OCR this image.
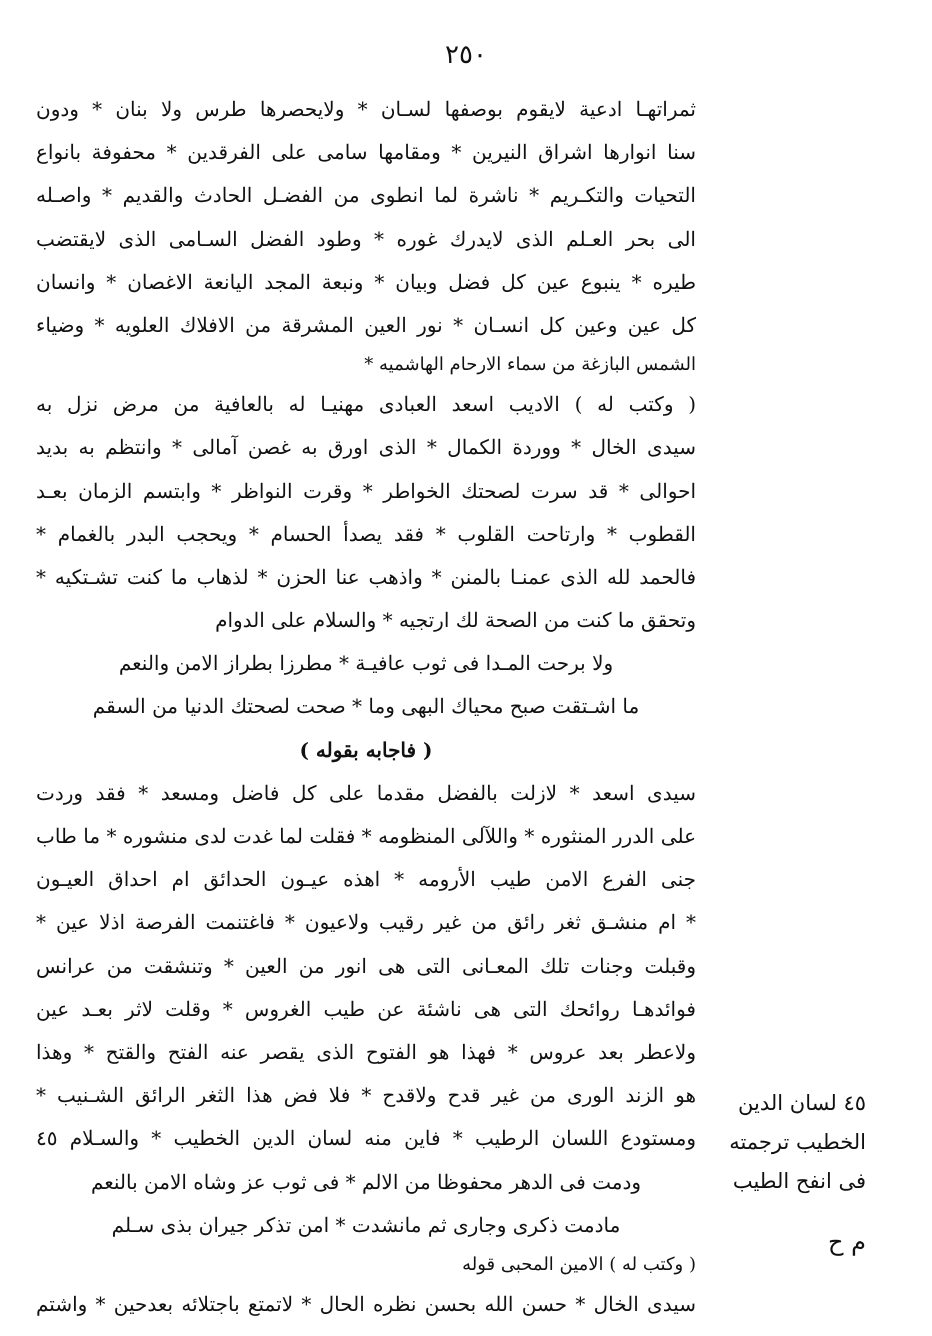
٢٥٠
ثمراتهـا ادعية لايقوم بوصفها لسـان * ولايحصرها طرس ولا بنان * ودون
سنا انوارها اشراق النيرين * ومقامها سامى على الفرقدين * محفوفة بانواع
التحيات والتكـريم * ناشرة لما انطوى من الفضـل الحادث والقديم * واصـله
الى بحر العـلم الذى لايدرك غوره * وطود الفضل السـامى الذى لايقتضب
طيره * ينبوع عين كل فضل وبيان * ونبعة المجد اليانعة الاغصان * وانسان
كل عين وعين كل انسـان * نور العين المشرقة من الافلاك العلويه * وضياء
الشمس البازغة من سماء الارحام الهاشميه *
( وكتب له ) الاديب اسعد العبادى مهنيـا له بالعافية من مرض نزل به
سيدى الخال * ووردة الكمال * الذى اورق به غصن آمالى * وانتظم به بديد
احوالى * قد سرت لصحتك الخواطر * وقرت النواظر * وابتسم الزمان بعـد
القطوب * وارتاحت القلوب * فقد يصدأ الحسام * ويحجب البدر بالغمام *
فالحمد لله الذى عمنـا بالمنن * واذهب عنا الحزن * لذهاب ما كنت تشـتكيه *
وتحقق ما كنت من الصحة لك ارتجيه * والسلام على الدوام
ولا برحت المـدا فى ثوب عافيـة * مطرزا بطراز الامن والنعم
ما اشـتقت صبح محياك البهى وما * صحت لصحتك الدنيا من السقم
( فاجابه بقوله )
سيدى اسعد * لازلت بالفضل مقدما على كل فاضل ومسعد * فقد وردت
على الدرر المنثوره * واللآلى المنظومه * فقلت لما غدت لدى منشوره * ما طاب
جنى الفرع الامن طيب الأرومه * اهذه عيـون الحدائق ام احداق العيـون
* ام منشـق ثغر رائق من غير رقيب ولاعيون * فاغتنمت الفرصة اذلا عين *
وقبلت وجنات تلك المعـانى التى هى انور من العين * وتنشقت من عرانس
فوائدهـا روائحك التى هى ناشئة عن طيب الغروس * وقلت لاثر بعـد عين
ولاعطر بعد عروس * فهذا هو الفتوح الذى يقصر عنه الفتح والقتح * وهذا
هو الزند الورى من غير قدح ولاقدح * فلا فض هذا الثغر الرائق الشـنيب *
ومستودع اللسان الرطيب * فاين منه لسان الدين الخطيب * والسـلام ٤٥
ودمت فى الدهر محفوظا من الالم * فى ثوب عز وشاه الامن بالنعم
مادمت ذكرى وجارى ثم مانشدت * امن تذكر جيران بذى سـلم
( وكتب له ) الامين المحبى قوله
سيدى الخال * حسن الله بحسن نظره الحال * لاتمتع باجتلائه بعدحين * واشتم
٤٥ لسان الدين
الخطيب ترجمته
فى انفح الطيب
م ح
